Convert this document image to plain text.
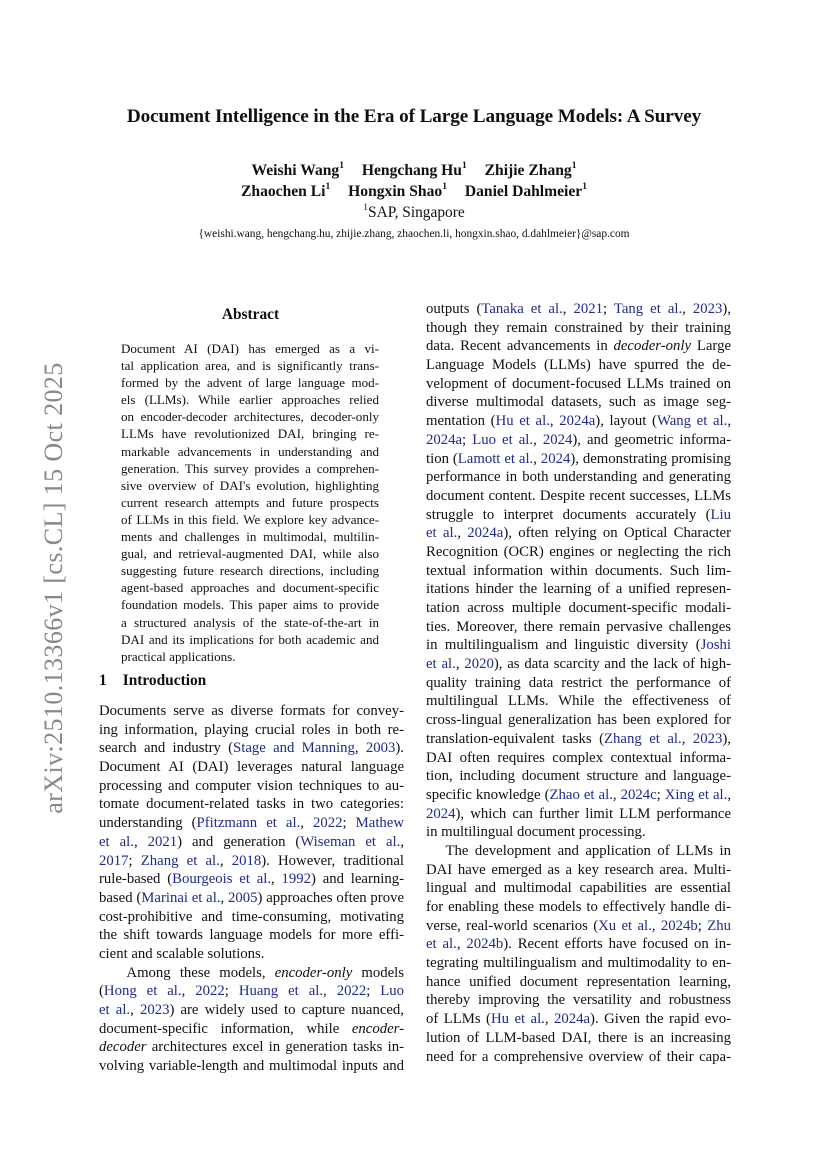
Document Intelligence in the Era of Large Language Models: A Survey
Weishi Wang$^1$ Hengchang Hu$^1$ Zhijie Zhang$^1$
Zhaochen Li$^1$ Hongxin Shao$^1$ Daniel Dahlmeier$^1$
$^1$SAP, Singapore
{weishi.wang, hengchang.hu, zhijie.zhang, zhaochen.li, hongxin.shao, d.dahlmeier}@sap.com
arXiv:2510.13366v1 [cs.CL] 15 Oct 2025
Abstract
Document AI (DAI) has emerged as a vi-
tal application area, and is significantly trans-
formed by the advent of large language mod-
els (LLMs). While earlier approaches relied
on encoder-decoder architectures, decoder-only
LLMs have revolutionized DAI, bringing re-
markable advancements in understanding and
generation. This survey provides a comprehen-
sive overview of DAI's evolution, highlighting
current research attempts and future prospects
of LLMs in this field. We explore key advance-
ments and challenges in multimodal, multilin-
gual, and retrieval-augmented DAI, while also
suggesting future research directions, including
agent-based approaches and document-specific
foundation models. This paper aims to provide
a structured analysis of the state-of-the-art in
DAI and its implications for both academic and
practical applications.
1 Introduction
Documents serve as diverse formats for convey-
ing information, playing crucial roles in both re-
search and industry (Stage and Manning, 2003).
Document AI (DAI) leverages natural language
processing and computer vision techniques to au-
tomate document-related tasks in two categories:
understanding (Pfitzmann et al., 2022; Mathew
et al., 2021) and generation (Wiseman et al.,
2017; Zhang et al., 2018). However, traditional
rule-based (Bourgeois et al., 1992) and learning-
based (Marinai et al., 2005) approaches often prove
cost-prohibitive and time-consuming, motivating
the shift towards language models for more effi-
cient and scalable solutions.
Among these models, encoder-only models
(Hong et al., 2022; Huang et al., 2022; Luo
et al., 2023) are widely used to capture nuanced,
document-specific information, while encoder-
decoder architectures excel in generation tasks in-
volving variable-length and multimodal inputs and
outputs (Tanaka et al., 2021; Tang et al., 2023),
though they remain constrained by their training
data. Recent advancements in decoder-only Large
Language Models (LLMs) have spurred the de-
velopment of document-focused LLMs trained on
diverse multimodal datasets, such as image seg-
mentation (Hu et al., 2024a), layout (Wang et al.,
2024a; Luo et al., 2024), and geometric informa-
tion (Lamott et al., 2024), demonstrating promising
performance in both understanding and generating
document content. Despite recent successes, LLMs
struggle to interpret documents accurately (Liu
et al., 2024a), often relying on Optical Character
Recognition (OCR) engines or neglecting the rich
textual information within documents. Such lim-
itations hinder the learning of a unified represen-
tation across multiple document-specific modali-
ties. Moreover, there remain pervasive challenges
in multilingualism and linguistic diversity (Joshi
et al., 2020), as data scarcity and the lack of high-
quality training data restrict the performance of
multilingual LLMs. While the effectiveness of
cross-lingual generalization has been explored for
translation-equivalent tasks (Zhang et al., 2023),
DAI often requires complex contextual informa-
tion, including document structure and language-
specific knowledge (Zhao et al., 2024c; Xing et al.,
2024), which can further limit LLM performance
in multilingual document processing.
The development and application of LLMs in
DAI have emerged as a key research area. Multi-
lingual and multimodal capabilities are essential
for enabling these models to effectively handle di-
verse, real-world scenarios (Xu et al., 2024b; Zhu
et al., 2024b). Recent efforts have focused on in-
tegrating multilingualism and multimodality to en-
hance unified document representation learning,
thereby improving the versatility and robustness
of LLMs (Hu et al., 2024a). Given the rapid evo-
lution of LLM-based DAI, there is an increasing
need for a comprehensive overview of their capa-
